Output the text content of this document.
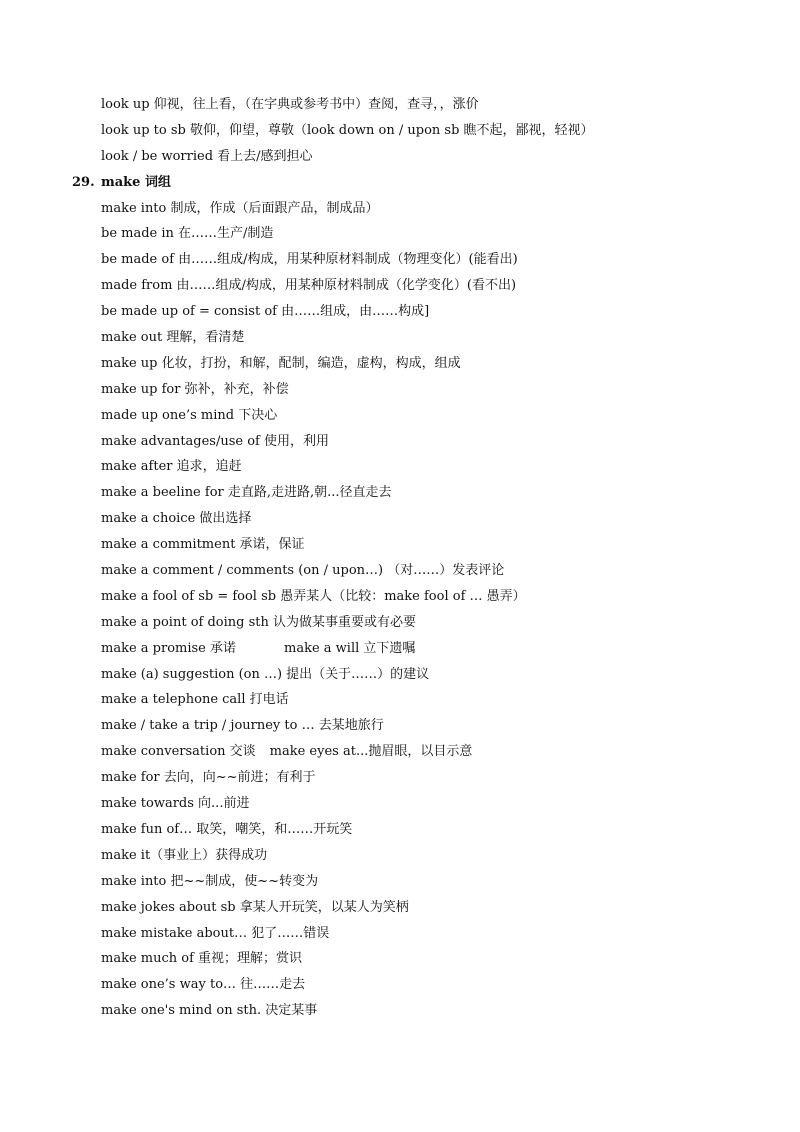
look up 仰视，往上看，（在字典或参考书中）查阅，查寻，，涨价
look up to sb 敬仰，仰望，尊敬（look down on / upon sb 瞧不起，鄙视，轻视）
look / be worried 看上去/感到担心
29. make 词组
make into 制成，作成（后面跟产品，制成品）
be made in 在……生产/制造
be made of 由……组成/构成，用某种原材料制成（物理变化）(能看出)
made from 由……组成/构成，用某种原材料制成（化学变化）(看不出)
be made up of = consist of 由……组成，由……构成]
make out 理解，看清楚
make up 化妆，打扮，和解，配制，编造，虚构，构成，组成
make up for 弥补，补充，补偿
made up one’s mind 下决心
make advantages/use of 使用，利用
make after 追求，追赶
make a beeline for 走直路,走进路,朝...径直走去
make a choice 做出选择
make a commitment 承诺，保证
make a comment / comments (on / upon…) （对……）发表评论
make a fool of sb = fool sb 愚弄某人（比较：make fool of … 愚弄）
make a point of doing sth 认为做某事重要或有必要
make a promise 承诺	make a will 立下遗嘱
make (a) suggestion (on …) 提出（关于……）的建议
make a telephone call 打电话
make / take a trip / journey to … 去某地旅行
make conversation 交谈 make eyes at...抛眉眼，以目示意
make for 去向，向~~前进；有利于
make towards 向...前进
make fun of… 取笑，嘲笑，和……开玩笑
make it（事业上）获得成功
make into 把~~制成，使~~转变为
make jokes about sb 拿某人开玩笑，以某人为笑柄
make mistake about… 犯了……错误
make much of 重视；理解；赏识
make one’s way to… 往……走去
make one's mind on sth. 决定某事
